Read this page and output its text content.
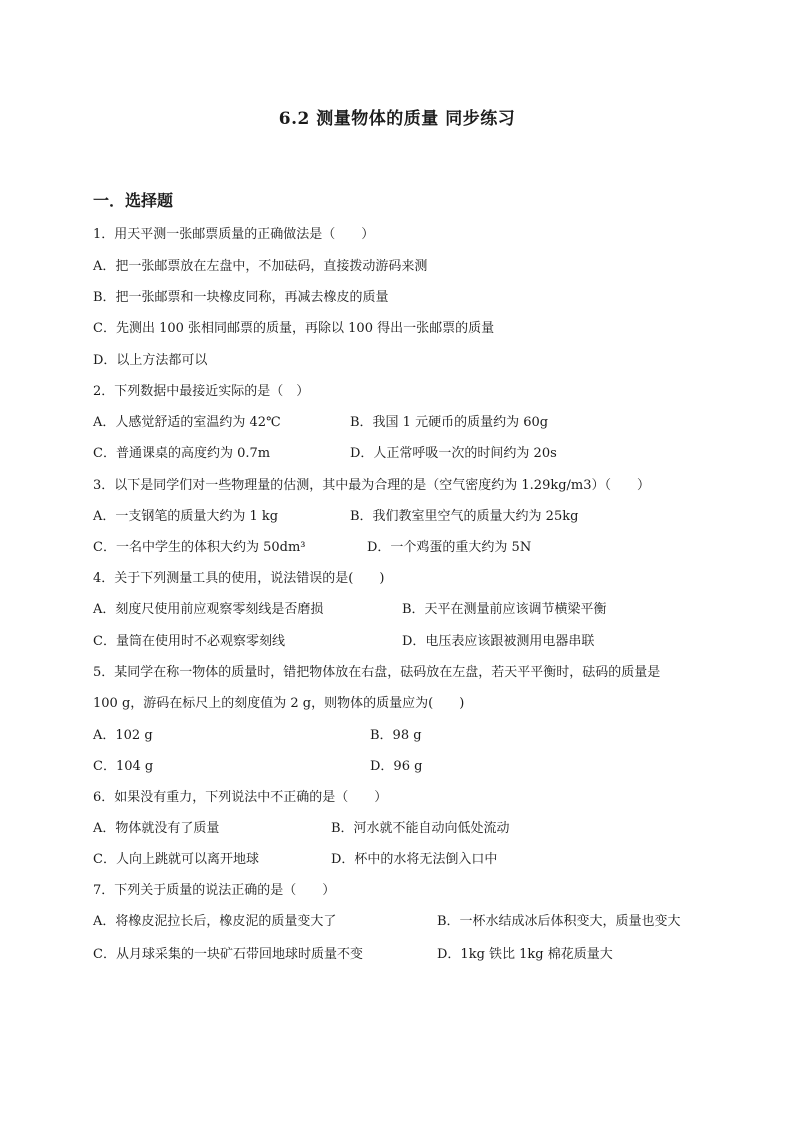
6.2 测量物体的质量 同步练习
一．选择题
1．用天平测一张邮票质量的正确做法是（　　）
A．把一张邮票放在左盘中，不加砝码，直接拨动游码来测
B．把一张邮票和一块橡皮同称，再减去橡皮的质量
C．先测出 100 张相同邮票的质量，再除以 100 得出一张邮票的质量
D．以上方法都可以
2．下列数据中最接近实际的是（　）
A．人感觉舒适的室温约为 42℃	B．我国 1 元硬币的质量约为 60g
C．普通课桌的高度约为 0.7m	D．人正常呼吸一次的时间约为 20s
3．以下是同学们对一些物理量的估测，其中最为合理的是（空气密度约为 1.29kg/m3）（　　）
A．一支钢笔的质量大约为 1 kg	B．我们教室里空气的质量大约为 25kg
C．一名中学生的体积大约为 50dm³	D．一个鸡蛋的重大约为 5N
4．关于下列测量工具的使用，说法错误的是(　　)
A．刻度尺使用前应观察零刻线是否磨损	B．天平在测量前应该调节横梁平衡
C．量筒在使用时不必观察零刻线	D．电压表应该跟被测用电器串联
5．某同学在称一物体的质量时，错把物体放在右盘，砝码放在左盘，若天平平衡时，砝码的质量是
100 g，游码在标尺上的刻度值为 2 g，则物体的质量应为(　　)
A．102 g	B．98 g
C．104 g	D．96 g
6．如果没有重力，下列说法中不正确的是（　　）
A．物体就没有了质量	B．河水就不能自动向低处流动
C．人向上跳就可以离开地球	D．杯中的水将无法倒入口中
7．下列关于质量的说法正确的是（　　）
A．将橡皮泥拉长后，橡皮泥的质量变大了	B．一杯水结成冰后体积变大，质量也变大
C．从月球采集的一块矿石带回地球时质量不变	D．1kg 铁比 1kg 棉花质量大
